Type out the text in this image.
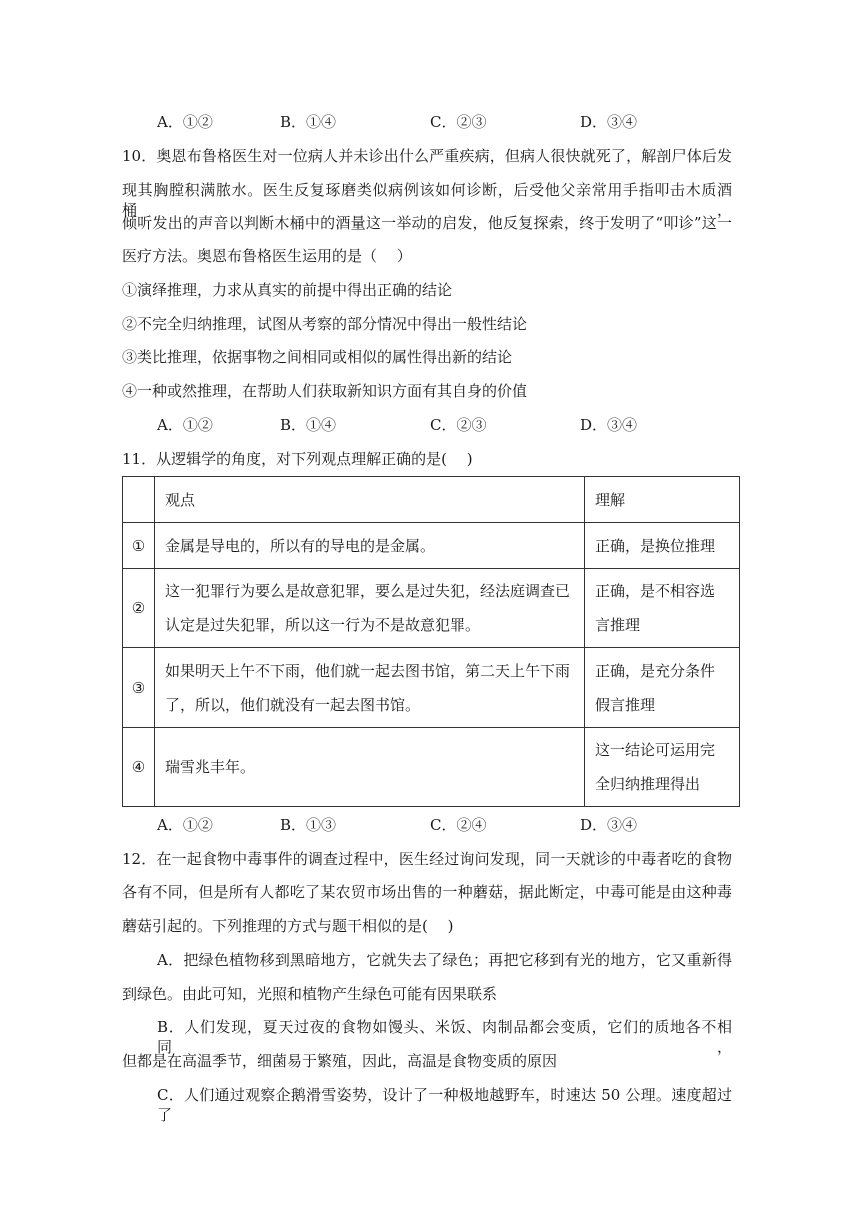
A．①②	B．①④	C．②③	D．③④
10．奥恩布鲁格医生对一位病人并未诊出什么严重疾病，但病人很快就死了，解剖尸体后发
现其胸膛积满脓水。医生反复琢磨类似病例该如何诊断，后受他父亲常用手指叩击木质酒桶，
倾听发出的声音以判断木桶中的酒量这一举动的启发，他反复探索，终于发明了“叩诊”这一
医疗方法。奥恩布鲁格医生运用的是（　 ）
①演绎推理，力求从真实的前提中得出正确的结论
②不完全归纳推理，试图从考察的部分情况中得出一般性结论
③类比推理，依据事物之间相同或相似的属性得出新的结论
④一种或然推理，在帮助人们获取新知识方面有其自身的价值
A．①②	B．①④	C．②③	D．③④
11．从逻辑学的角度，对下列观点理解正确的是(　 )
	观点	理解
①	金属是导电的，所以有的导电的是金属。	正确，是换位推理
②	这一犯罪行为要么是故意犯罪，要么是过失犯，经法庭调查已认定是过失犯罪，所以这一行为不是故意犯罪。	正确，是不相容选言推理
③	如果明天上午不下雨，他们就一起去图书馆，第二天上午下雨了，所以，他们就没有一起去图书馆。	正确，是充分条件假言推理
④	瑞雪兆丰年。	这一结论可运用完全归纳推理得出
A．①②	B．①③	C．②④	D．③④
12．在一起食物中毒事件的调查过程中，医生经过询问发现，同一天就诊的中毒者吃的食物
各有不同，但是所有人都吃了某农贸市场出售的一种蘑菇，据此断定，中毒可能是由这种毒
蘑菇引起的。下列推理的方式与题干相似的是(　 )
A．把绿色植物移到黑暗地方，它就失去了绿色；再把它移到有光的地方，它又重新得
到绿色。由此可知，光照和植物产生绿色可能有因果联系
B．人们发现，夏天过夜的食物如馒头、米饭、肉制品都会变质，它们的质地各不相同，
但都是在高温季节，细菌易于繁殖，因此，高温是食物变质的原因
C．人们通过观察企鹅滑雪姿势，设计了一种极地越野车，时速达 50 公理。速度超过了
